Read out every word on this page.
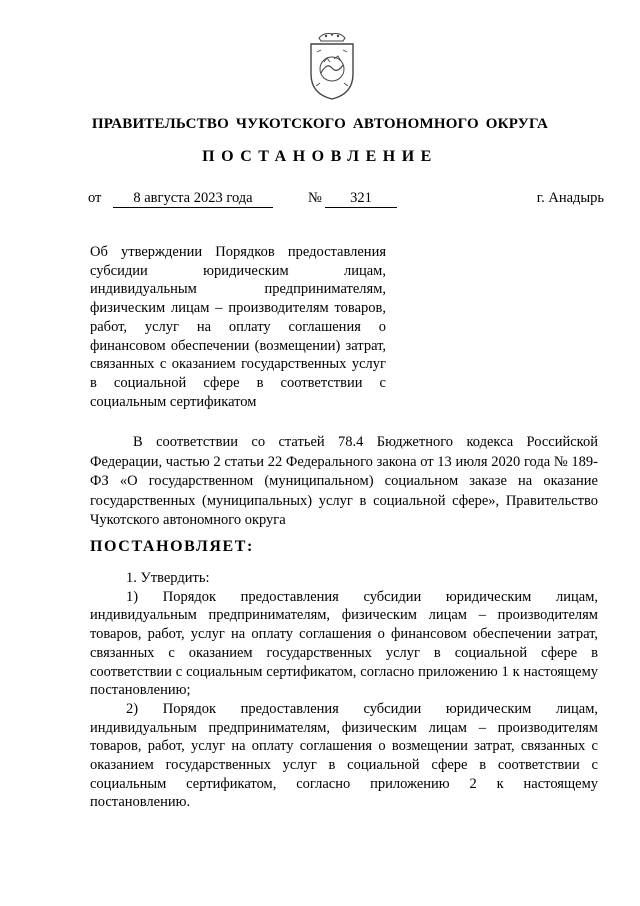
ПРАВИТЕЛЬСТВО ЧУКОТСКОГО АВТОНОМНОГО ОКРУГА
ПОСТАНОВЛЕНИЕ
от	8 августа 2023 года	№	321	г. Анадырь

Об утверждении Порядков предоставления субсидии юридическим лицам, индивидуальным предпринимателям, физическим лицам – производителям товаров, работ, услуг на оплату соглашения о финансовом обеспечении (возмещении) затрат, связанных с оказанием государственных услуг в социальной сфере в соответствии с социальным сертификатом

В соответствии со статьей 78.4 Бюджетного кодекса Российской Федерации, частью 2 статьи 22 Федерального закона от 13 июля 2020 года № 189-ФЗ «О государственном (муниципальном) социальном заказе на оказание государственных (муниципальных) услуг в социальной сфере», Правительство Чукотского автономного округа

ПОСТАНОВЛЯЕТ:

1. Утвердить:

1) Порядок предоставления субсидии юридическим лицам, индивидуальным предпринимателям, физическим лицам – производителям товаров, работ, услуг на оплату соглашения о финансовом обеспечении затрат, связанных с оказанием государственных услуг в социальной сфере в соответствии с социальным сертификатом, согласно приложению 1 к настоящему постановлению;

2) Порядок предоставления субсидии юридическим лицам, индивидуальным предпринимателям, физическим лицам – производителям товаров, работ, услуг на оплату соглашения о возмещении затрат, связанных с оказанием государственных услуг в социальной сфере в соответствии с социальным сертификатом, согласно приложению 2 к настоящему постановлению.
